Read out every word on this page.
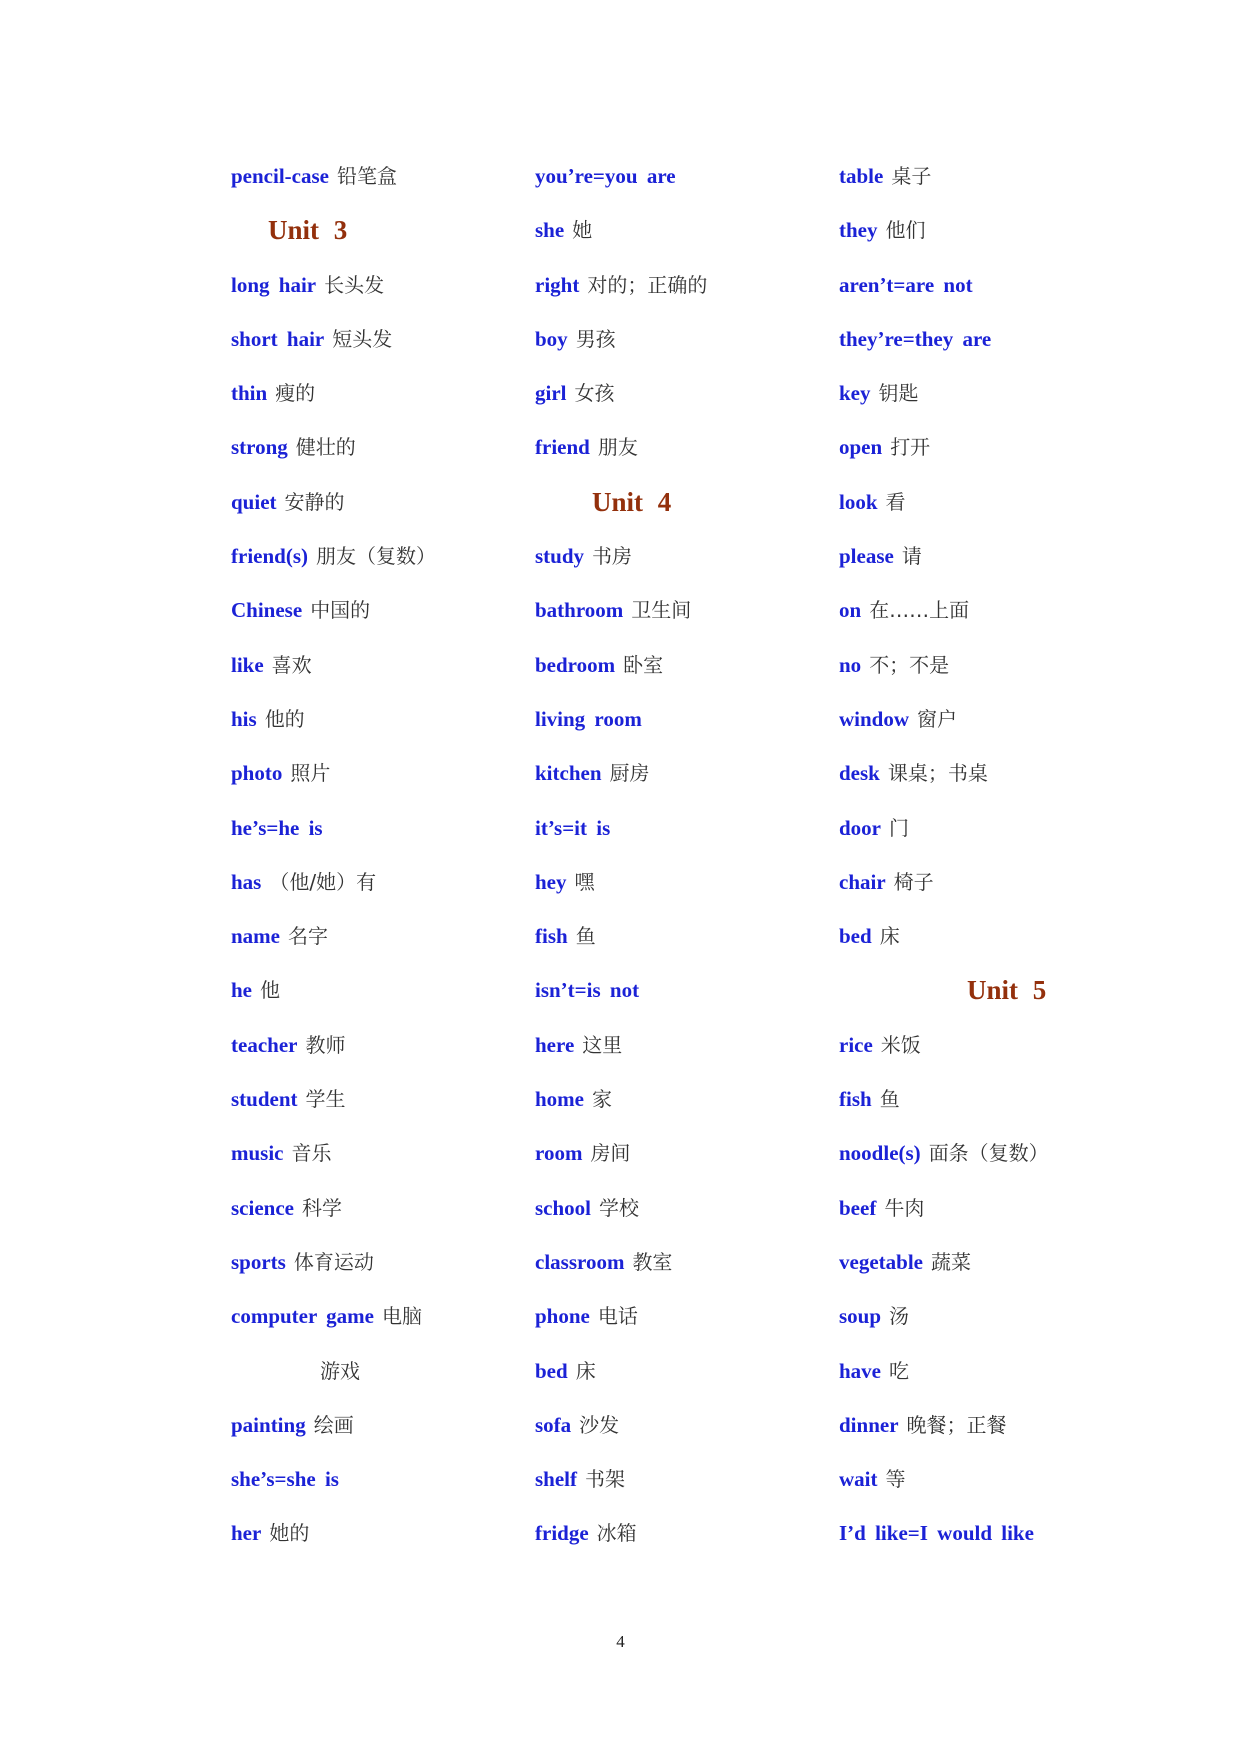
pencil-case 铅笔盒
Unit 3
long hair 长头发
short hair 短头发
thin 瘦的
strong 健壮的
quiet 安静的
friend(s) 朋友（复数）
Chinese 中国的
like 喜欢
his 他的
photo 照片
he’s=he is
has （他/她）有
name 名字
he 他
teacher 教师
student 学生
music 音乐
science 科学
sports 体育运动
computer game 电脑
游戏
painting 绘画
she’s=she is
her 她的
you’re=you are
she 她
right 对的；正确的
boy 男孩
girl 女孩
friend 朋友
Unit 4
study 书房
bathroom 卫生间
bedroom 卧室
living room
kitchen 厨房
it’s=it is
hey 嘿
fish 鱼
isn’t=is not
here 这里
home 家
room 房间
school 学校
classroom 教室
phone 电话
bed 床
sofa 沙发
shelf 书架
fridge 冰箱
table 桌子
they 他们
aren’t=are not
they’re=they are
key 钥匙
open 打开
look 看
please 请
on 在……上面
no 不；不是
window 窗户
desk 课桌；书桌
door 门
chair 椅子
bed 床
Unit 5
rice 米饭
fish 鱼
noodle(s) 面条（复数）
beef 牛肉
vegetable 蔬菜
soup 汤
have 吃
dinner 晚餐；正餐
wait 等
I’d like=I would like
4
